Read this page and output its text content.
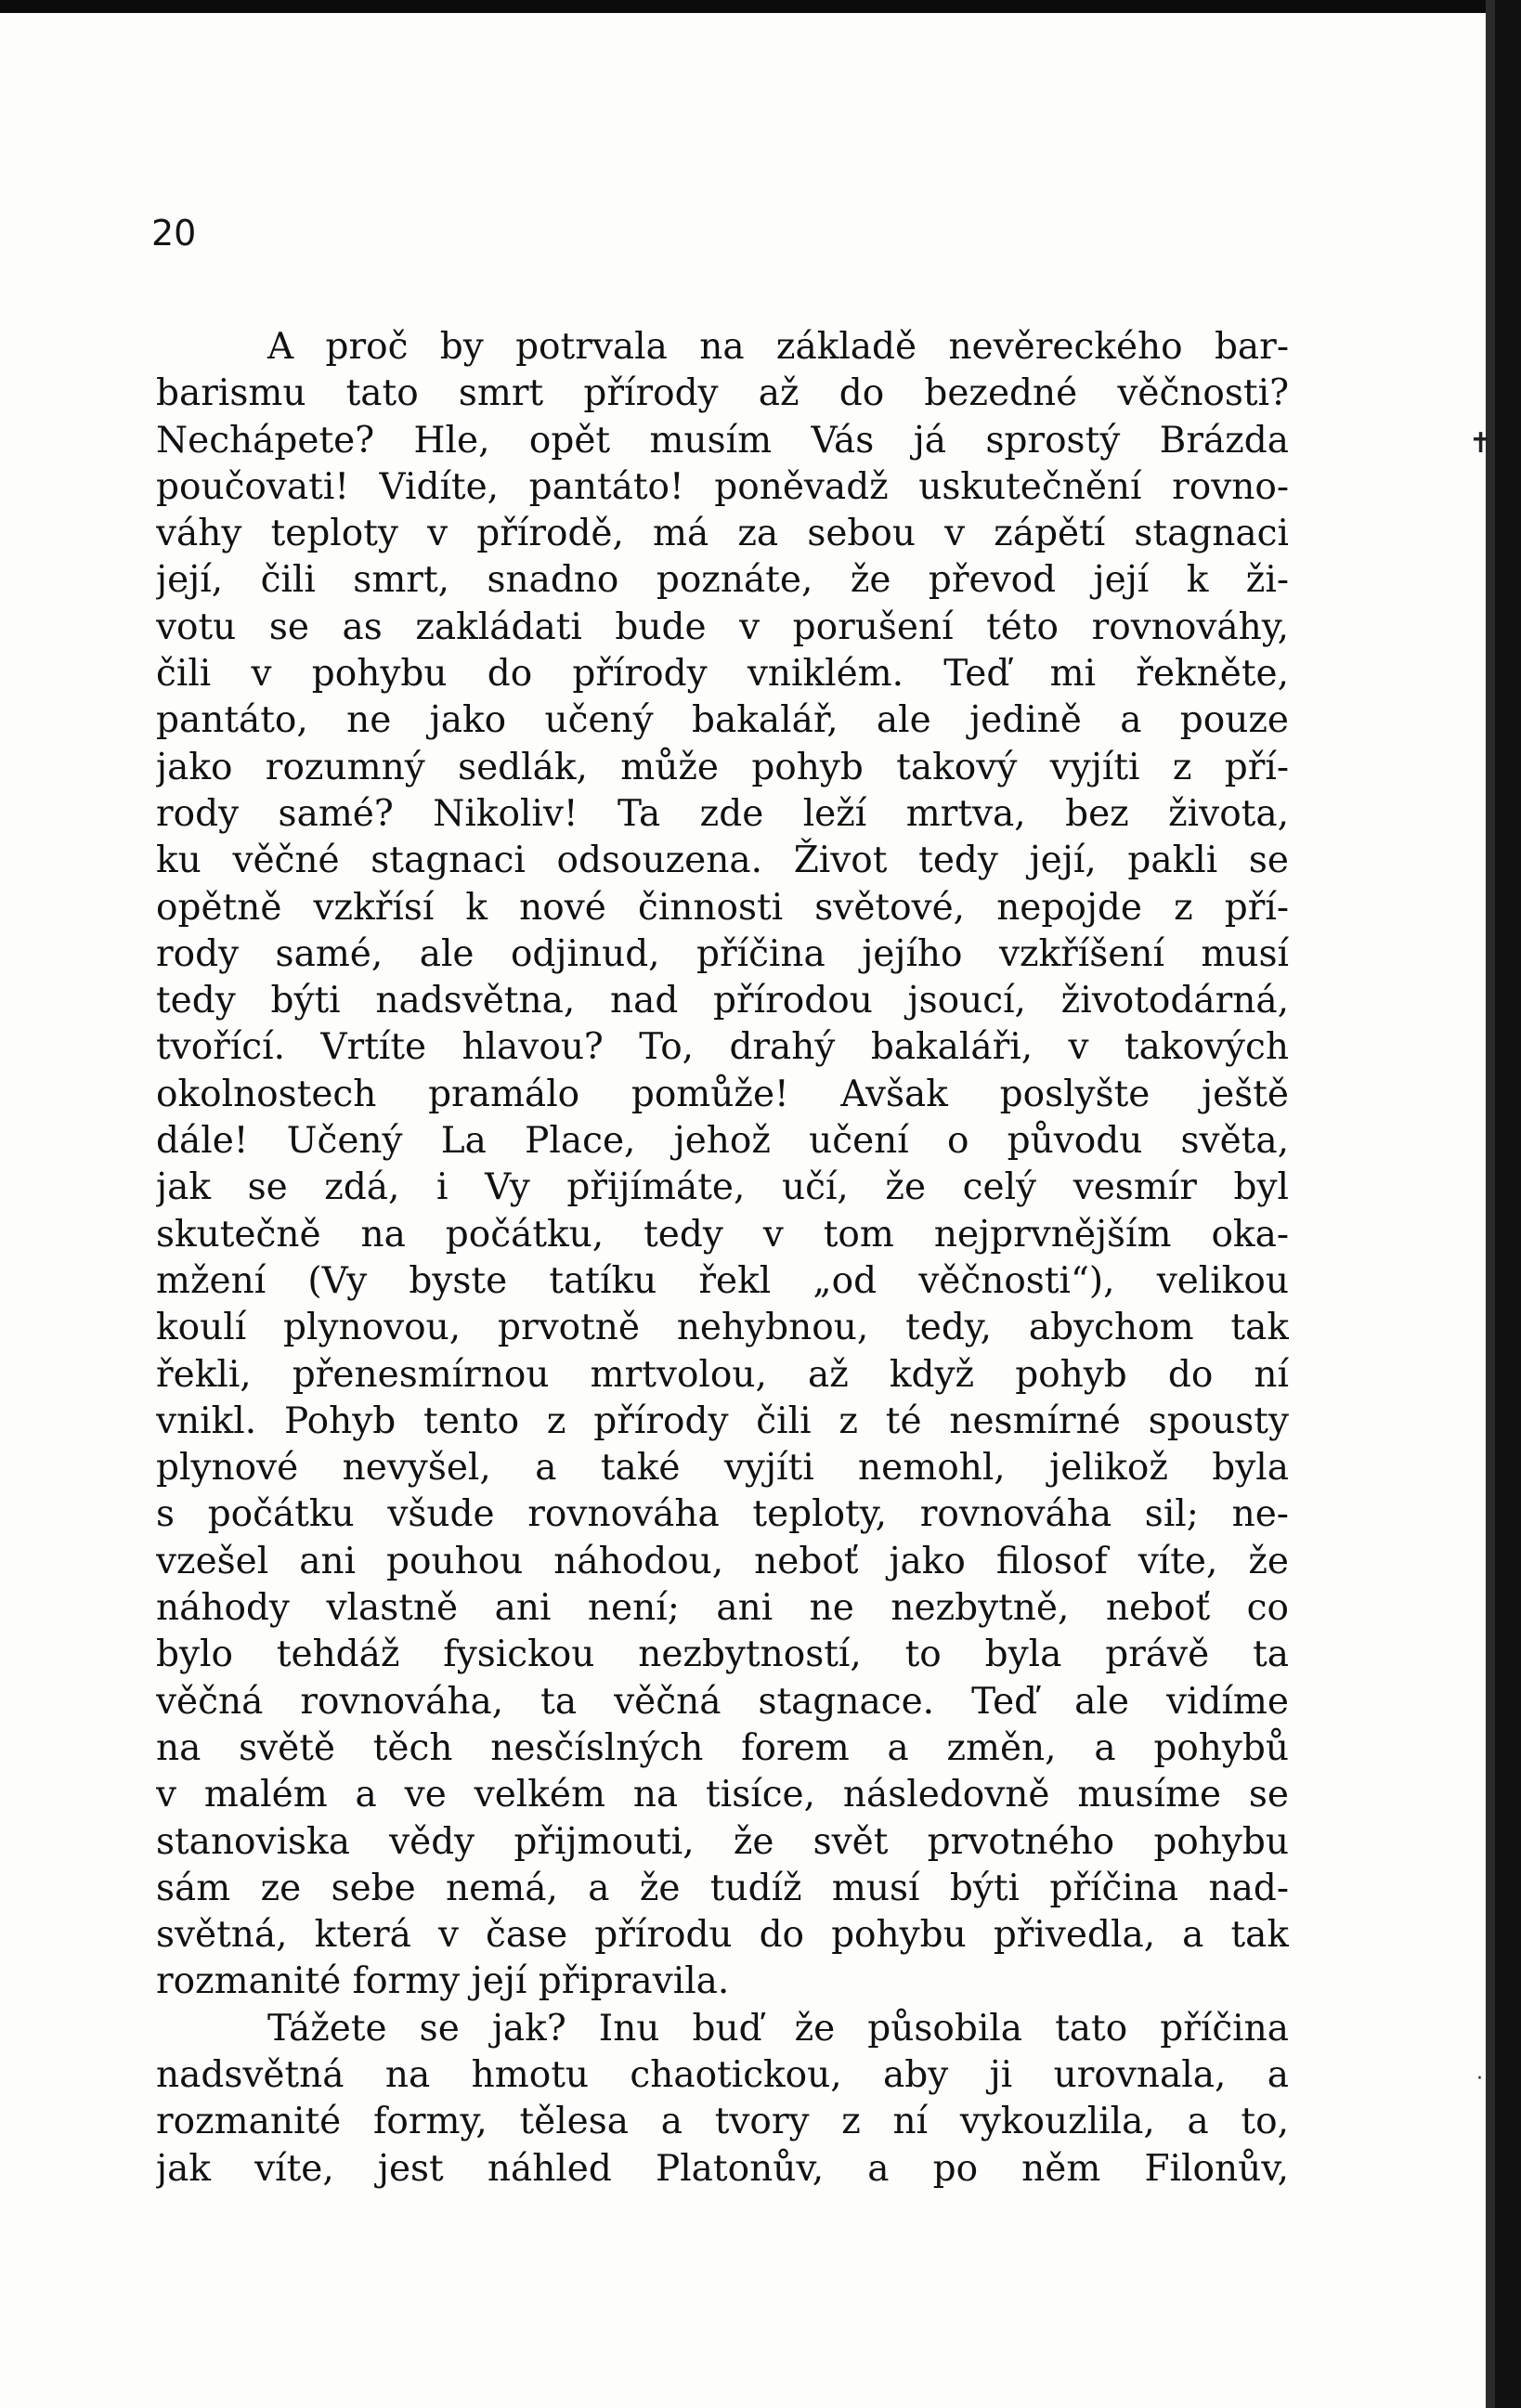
20
A proč by potrvala na základě nevěreckého bar-
barismu tato smrt přírody až do bezedné věčnosti?
Nechápete? Hle, opět musím Vás já sprostý Brázda
poučovati! Vidíte, pantáto! poněvadž uskutečnění rovno-
váhy teploty v přírodě, má za sebou v zápětí stagnaci
její, čili smrt, snadno poznáte, že převod její k ži-
votu se as zakládati bude v porušení této rovnováhy,
čili v pohybu do přírody vniklém. Teď mi řekněte,
pantáto, ne jako učený bakalář, ale jedině a pouze
jako rozumný sedlák, může pohyb takový vyjíti z pří-
rody samé? Nikoliv! Ta zde leží mrtva, bez života,
ku věčné stagnaci odsouzena. Život tedy její, pakli se
opětně vzkřísí k nové činnosti světové, nepojde z pří-
rody samé, ale odjinud, příčina jejího vzkříšení musí
tedy býti nadsvětna, nad přírodou jsoucí, životodárná,
tvořící. Vrtíte hlavou? To, drahý bakaláři, v takových
okolnostech pramálo pomůže! Avšak poslyšte ještě
dále! Učený La Place, jehož učení o původu světa,
jak se zdá, i Vy přijímáte, učí, že celý vesmír byl
skutečně na počátku, tedy v tom nejprvnějším oka-
mžení (Vy byste tatíku řekl „od věčnosti“), velikou
koulí plynovou, prvotně nehybnou, tedy, abychom tak
řekli, přenesmírnou mrtvolou, až když pohyb do ní
vnikl. Pohyb tento z přírody čili z té nesmírné spousty
plynové nevyšel, a také vyjíti nemohl, jelikož byla
s počátku všude rovnováha teploty, rovnováha sil; ne-
vzešel ani pouhou náhodou, neboť jako filosof víte, že
náhody vlastně ani není; ani ne nezbytně, neboť co
bylo tehdáž fysickou nezbytností, to byla právě ta
věčná rovnováha, ta věčná stagnace. Teď ale vidíme
na světě těch nesčíslných forem a změn, a pohybů
v malém a ve velkém na tisíce, následovně musíme se
stanoviska vědy přijmouti, že svět prvotného pohybu
sám ze sebe nemá, a že tudíž musí býti příčina nad-
světná, která v čase přírodu do pohybu přivedla, a tak
rozmanité formy její připravila.
Tážete se jak? Inu buď že působila tato příčina
nadsvětná na hmotu chaotickou, aby ji urovnala, a
rozmanité formy, tělesa a tvory z ní vykouzlila, a to,
jak víte, jest náhled Platonův, a po něm Filonův,
✝
·
